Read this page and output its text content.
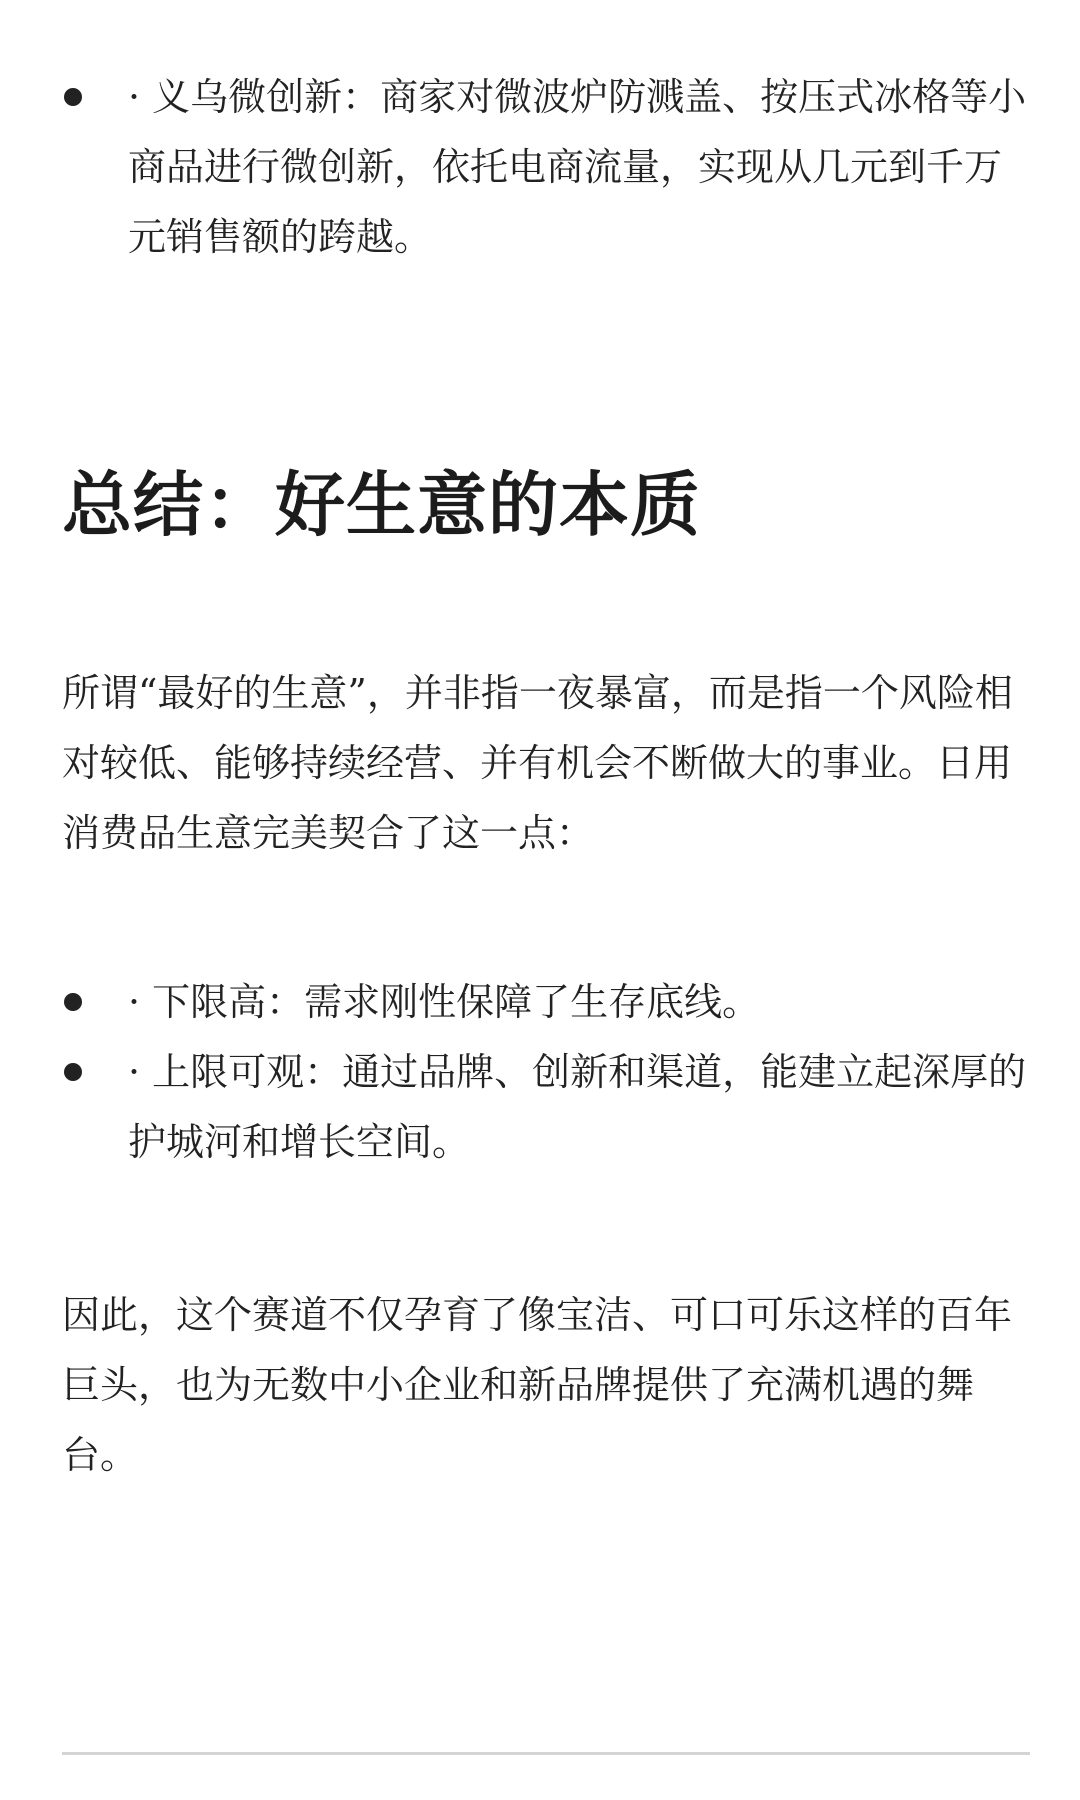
· 义乌微创新：商家对微波炉防溅盖、按压式冰格等小商品进行微创新，依托电商流量，实现从几元到千万元销售额的跨越。
总结：好生意的本质

所谓“最好的生意”，并非指一夜暴富，而是指一个风险相对较低、能够持续经营、并有机会不断做大的事业。日用消费品生意完美契合了这一点：

· 下限高：需求刚性保障了生存底线。
· 上限可观：通过品牌、创新和渠道，能建立起深厚的护城河和增长空间。

因此，这个赛道不仅孕育了像宝洁、可口可乐这样的百年巨头，也为无数中小企业和新品牌提供了充满机遇的舞台。
